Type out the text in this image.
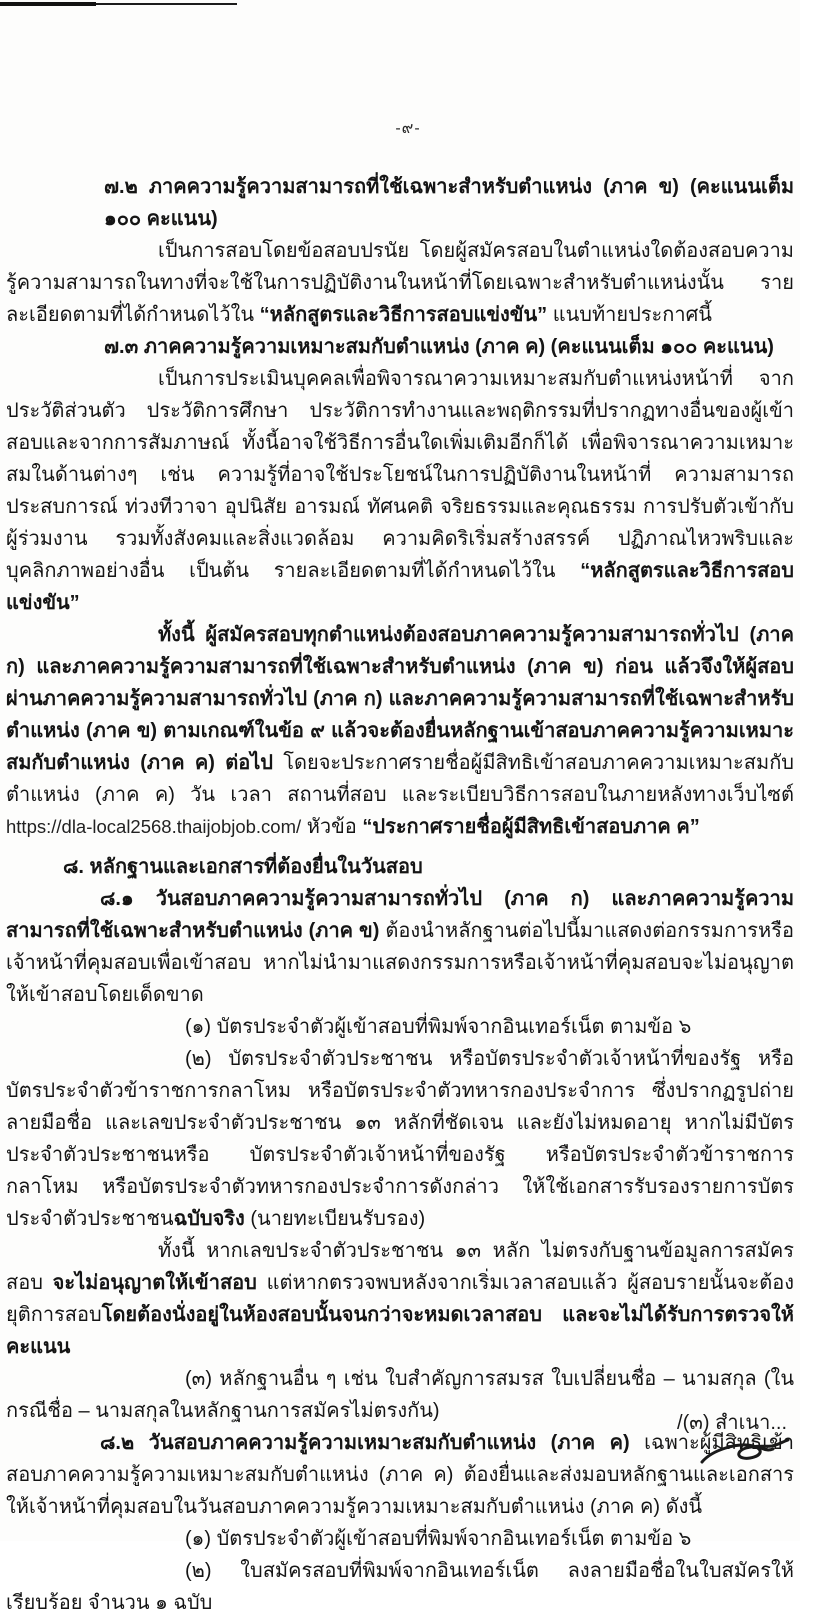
-๙-

๗.๒ ภาคความรู้ความสามารถที่ใช้เฉพาะสำหรับตำแหน่ง (ภาค ข) (คะแนนเต็ม ๑๐๐ คะแนน)

เป็นการสอบโดยข้อสอบปรนัย โดยผู้สมัครสอบในตำแหน่งใดต้องสอบความรู้ความสามารถในทางที่จะใช้ในการปฏิบัติงานในหน้าที่โดยเฉพาะสำหรับตำแหน่งนั้น รายละเอียดตามที่ได้กำหนดไว้ใน “หลักสูตรและวิธีการสอบแข่งขัน” แนบท้ายประกาศนี้

๗.๓ ภาคความรู้ความเหมาะสมกับตำแหน่ง (ภาค ค) (คะแนนเต็ม ๑๐๐ คะแนน)

เป็นการประเมินบุคคลเพื่อพิจารณาความเหมาะสมกับตำแหน่งหน้าที่ จากประวัติส่วนตัว ประวัติการศึกษา ประวัติการทำงานและพฤติกรรมที่ปรากฏทางอื่นของผู้เข้าสอบและจากการสัมภาษณ์ ทั้งนี้อาจใช้วิธีการอื่นใดเพิ่มเติมอีกก็ได้ เพื่อพิจารณาความเหมาะสมในด้านต่างๆ เช่น ความรู้ที่อาจใช้ประโยชน์ในการปฏิบัติงานในหน้าที่ ความสามารถ ประสบการณ์ ท่วงทีวาจา อุปนิสัย อารมณ์ ทัศนคติ จริยธรรมและคุณธรรม การปรับตัวเข้ากับผู้ร่วมงาน รวมทั้งสังคมและสิ่งแวดล้อม ความคิดริเริ่มสร้างสรรค์ ปฏิภาณไหวพริบและบุคลิกภาพอย่างอื่น เป็นต้น รายละเอียดตามที่ได้กำหนดไว้ใน “หลักสูตรและวิธีการสอบแข่งขัน”

ทั้งนี้ ผู้สมัครสอบทุกตำแหน่งต้องสอบภาคความรู้ความสามารถทั่วไป (ภาค ก) และภาคความรู้ความสามารถที่ใช้เฉพาะสำหรับตำแหน่ง (ภาค ข) ก่อน แล้วจึงให้ผู้สอบผ่านภาคความรู้ความสามารถทั่วไป (ภาค ก) และภาคความรู้ความสามารถที่ใช้เฉพาะสำหรับตำแหน่ง (ภาค ข) ตามเกณฑ์ในข้อ ๙ แล้วจะต้องยื่นหลักฐานเข้าสอบภาคความรู้ความเหมาะสมกับตำแหน่ง (ภาค ค) ต่อไป โดยจะประกาศรายชื่อผู้มีสิทธิเข้าสอบภาคความเหมาะสมกับตำแหน่ง (ภาค ค) วัน เวลา สถานที่สอบ และระเบียบวิธีการสอบในภายหลังทางเว็บไซต์ https://dla-local2568.thaijobjob.com/ หัวข้อ “ประกาศรายชื่อผู้มีสิทธิเข้าสอบภาค ค”

๘. หลักฐานและเอกสารที่ต้องยื่นในวันสอบ

๘.๑ วันสอบภาคความรู้ความสามารถทั่วไป (ภาค ก) และภาคความรู้ความสามารถที่ใช้เฉพาะสำหรับตำแหน่ง (ภาค ข) ต้องนำหลักฐานต่อไปนี้มาแสดงต่อกรรมการหรือเจ้าหน้าที่คุมสอบเพื่อเข้าสอบ หากไม่นำมาแสดงกรรมการหรือเจ้าหน้าที่คุมสอบจะไม่อนุญาตให้เข้าสอบโดยเด็ดขาด

(๑) บัตรประจำตัวผู้เข้าสอบที่พิมพ์จากอินเทอร์เน็ต ตามข้อ ๖

(๒) บัตรประจำตัวประชาชน หรือบัตรประจำตัวเจ้าหน้าที่ของรัฐ หรือบัตรประจำตัวข้าราชการกลาโหม หรือบัตรประจำตัวทหารกองประจำการ ซึ่งปรากฏรูปถ่าย ลายมือชื่อ และเลขประจำตัวประชาชน ๑๓ หลักที่ชัดเจน และยังไม่หมดอายุ หากไม่มีบัตรประจำตัวประชาชนหรือ บัตรประจำตัวเจ้าหน้าที่ของรัฐ หรือบัตรประจำตัวข้าราชการกลาโหม หรือบัตรประจำตัวทหารกองประจำการดังกล่าว ให้ใช้เอกสารรับรองรายการบัตรประจำตัวประชาชนฉบับจริง (นายทะเบียนรับรอง)

ทั้งนี้ หากเลขประจำตัวประชาชน ๑๓ หลัก ไม่ตรงกับฐานข้อมูลการสมัครสอบ จะไม่อนุญาตให้เข้าสอบ แต่หากตรวจพบหลังจากเริ่มเวลาสอบแล้ว ผู้สอบรายนั้นจะต้องยุติการสอบโดยต้องนั่งอยู่ในห้องสอบนั้นจนกว่าจะหมดเวลาสอบ และจะไม่ได้รับการตรวจให้คะแนน

(๓) หลักฐานอื่น ๆ เช่น ใบสำคัญการสมรส ใบเปลี่ยนชื่อ – นามสกุล (ในกรณีชื่อ – นามสกุลในหลักฐานการสมัครไม่ตรงกัน)

๘.๒ วันสอบภาคความรู้ความเหมาะสมกับตำแหน่ง (ภาค ค) เฉพาะผู้มีสิทธิเข้าสอบภาคความรู้ความเหมาะสมกับตำแหน่ง (ภาค ค) ต้องยื่นและส่งมอบหลักฐานและเอกสารให้เจ้าหน้าที่คุมสอบในวันสอบภาคความรู้ความเหมาะสมกับตำแหน่ง (ภาค ค) ดังนี้

(๑) บัตรประจำตัวผู้เข้าสอบที่พิมพ์จากอินเทอร์เน็ต ตามข้อ ๖

(๒) ใบสมัครสอบที่พิมพ์จากอินเทอร์เน็ต ลงลายมือชื่อในใบสมัครให้เรียบร้อย จำนวน ๑ ฉบับ

/(๓) สำเนา...
